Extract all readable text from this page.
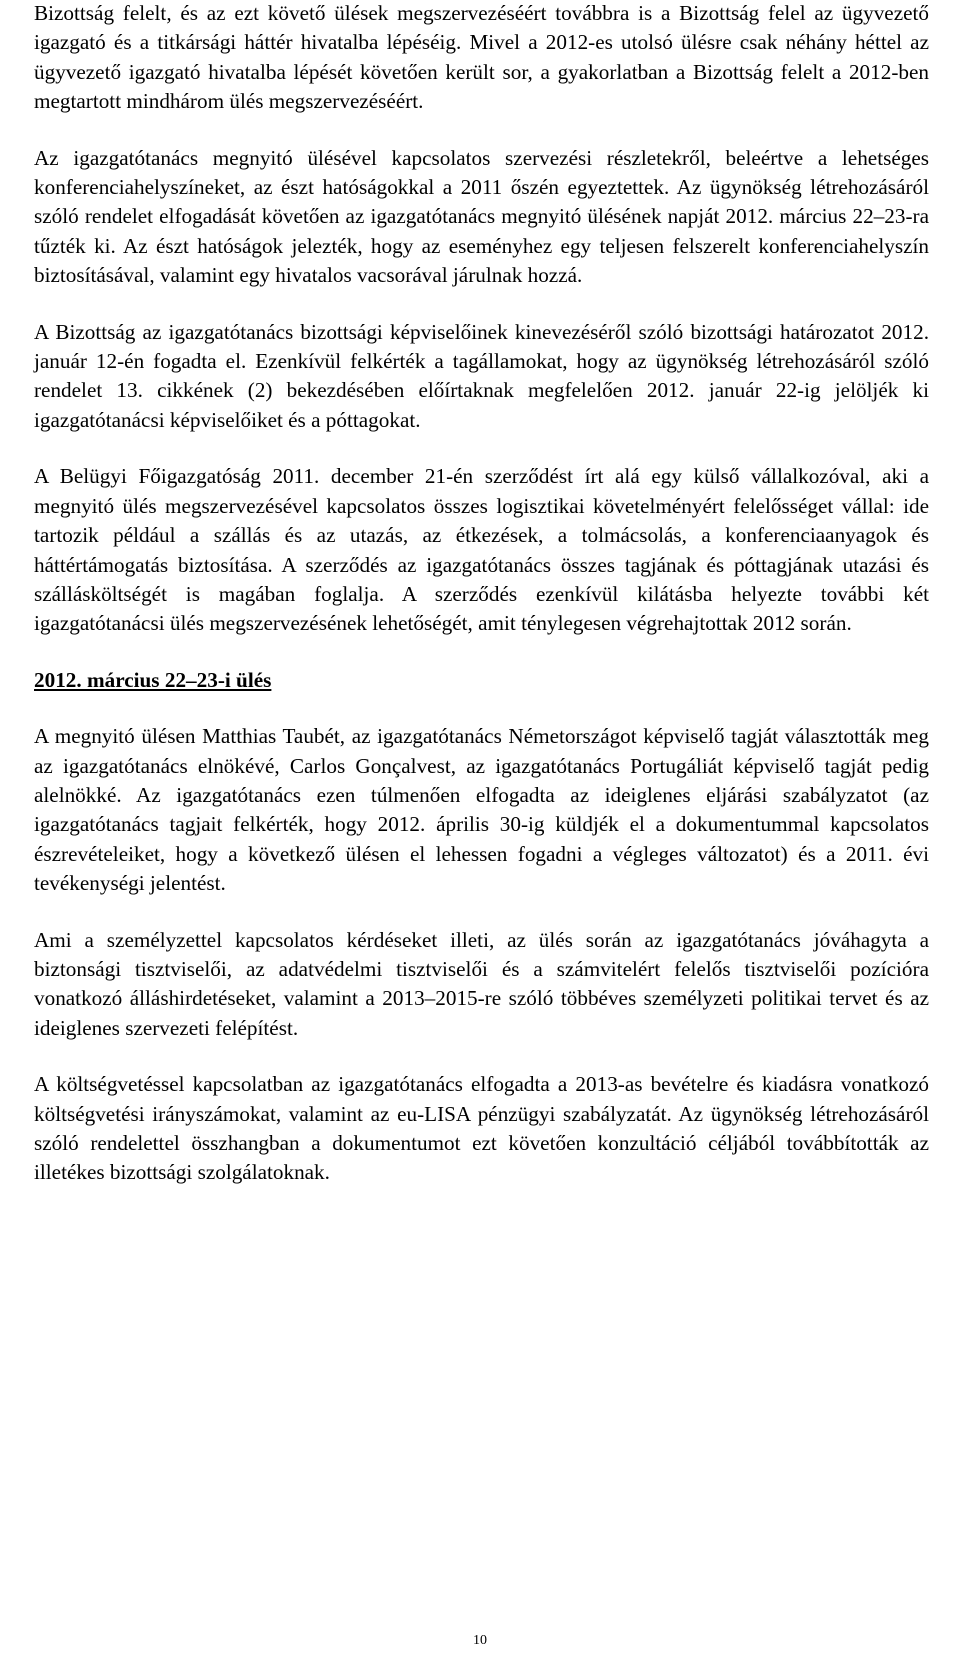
Bizottság felelt, és az ezt követő ülések megszervezéséért továbbra is a Bizottság felel az ügyvezető igazgató és a titkársági háttér hivatalba lépéséig. Mivel a 2012-es utolsó ülésre csak néhány héttel az ügyvezető igazgató hivatalba lépését követően került sor, a gyakorlatban a Bizottság felelt a 2012-ben megtartott mindhárom ülés megszervezéséért.

Az igazgatótanács megnyitó ülésével kapcsolatos szervezési részletekről, beleértve a lehetséges konferenciahelyszíneket, az észt hatóságokkal a 2011 őszén egyeztettek. Az ügynökség létrehozásáról szóló rendelet elfogadását követően az igazgatótanács megnyitó ülésének napját 2012. március 22–23-ra tűzték ki. Az észt hatóságok jelezték, hogy az eseményhez egy teljesen felszerelt konferenciahelyszín biztosításával, valamint egy hivatalos vacsorával járulnak hozzá.

A Bizottság az igazgatótanács bizottsági képviselőinek kinevezéséről szóló bizottsági határozatot 2012. január 12-én fogadta el. Ezenkívül felkérték a tagállamokat, hogy az ügynökség létrehozásáról szóló rendelet 13. cikkének (2) bekezdésében előírtaknak megfelelően 2012. január 22-ig jelöljék ki igazgatótanácsi képviselőiket és a póttagokat.

A Belügyi Főigazgatóság 2011. december 21-én szerződést írt alá egy külső vállalkozóval, aki a megnyitó ülés megszervezésével kapcsolatos összes logisztikai követelményért felelősséget vállal: ide tartozik például a szállás és az utazás, az étkezések, a tolmácsolás, a konferenciaanyagok és háttértámogatás biztosítása. A szerződés az igazgatótanács összes tagjának és póttagjának utazási és szállásköltségét is magában foglalja. A szerződés ezenkívül kilátásba helyezte további két igazgatótanácsi ülés megszervezésének lehetőségét, amit ténylegesen végrehajtottak 2012 során.

2012. március 22–23-i ülés

A megnyitó ülésen Matthias Taubét, az igazgatótanács Németországot képviselő tagját választották meg az igazgatótanács elnökévé, Carlos Gonçalvest, az igazgatótanács Portugáliát képviselő tagját pedig alelnökké. Az igazgatótanács ezen túlmenően elfogadta az ideiglenes eljárási szabályzatot (az igazgatótanács tagjait felkérték, hogy 2012. április 30-ig küldjék el a dokumentummal kapcsolatos észrevételeiket, hogy a következő ülésen el lehessen fogadni a végleges változatot) és a 2011. évi tevékenységi jelentést.

Ami a személyzettel kapcsolatos kérdéseket illeti, az ülés során az igazgatótanács jóváhagyta a biztonsági tisztviselői, az adatvédelmi tisztviselői és a számvitelért felelős tisztviselői pozícióra vonatkozó álláshirdetéseket, valamint a 2013–2015-re szóló többéves személyzeti politikai tervet és az ideiglenes szervezeti felépítést.

A költségvetéssel kapcsolatban az igazgatótanács elfogadta a 2013-as bevételre és kiadásra vonatkozó költségvetési irányszámokat, valamint az eu-LISA pénzügyi szabályzatát. Az ügynökség létrehozásáról szóló rendelettel összhangban a dokumentumot ezt követően konzultáció céljából továbbították az illetékes bizottsági szolgálatoknak.

10
